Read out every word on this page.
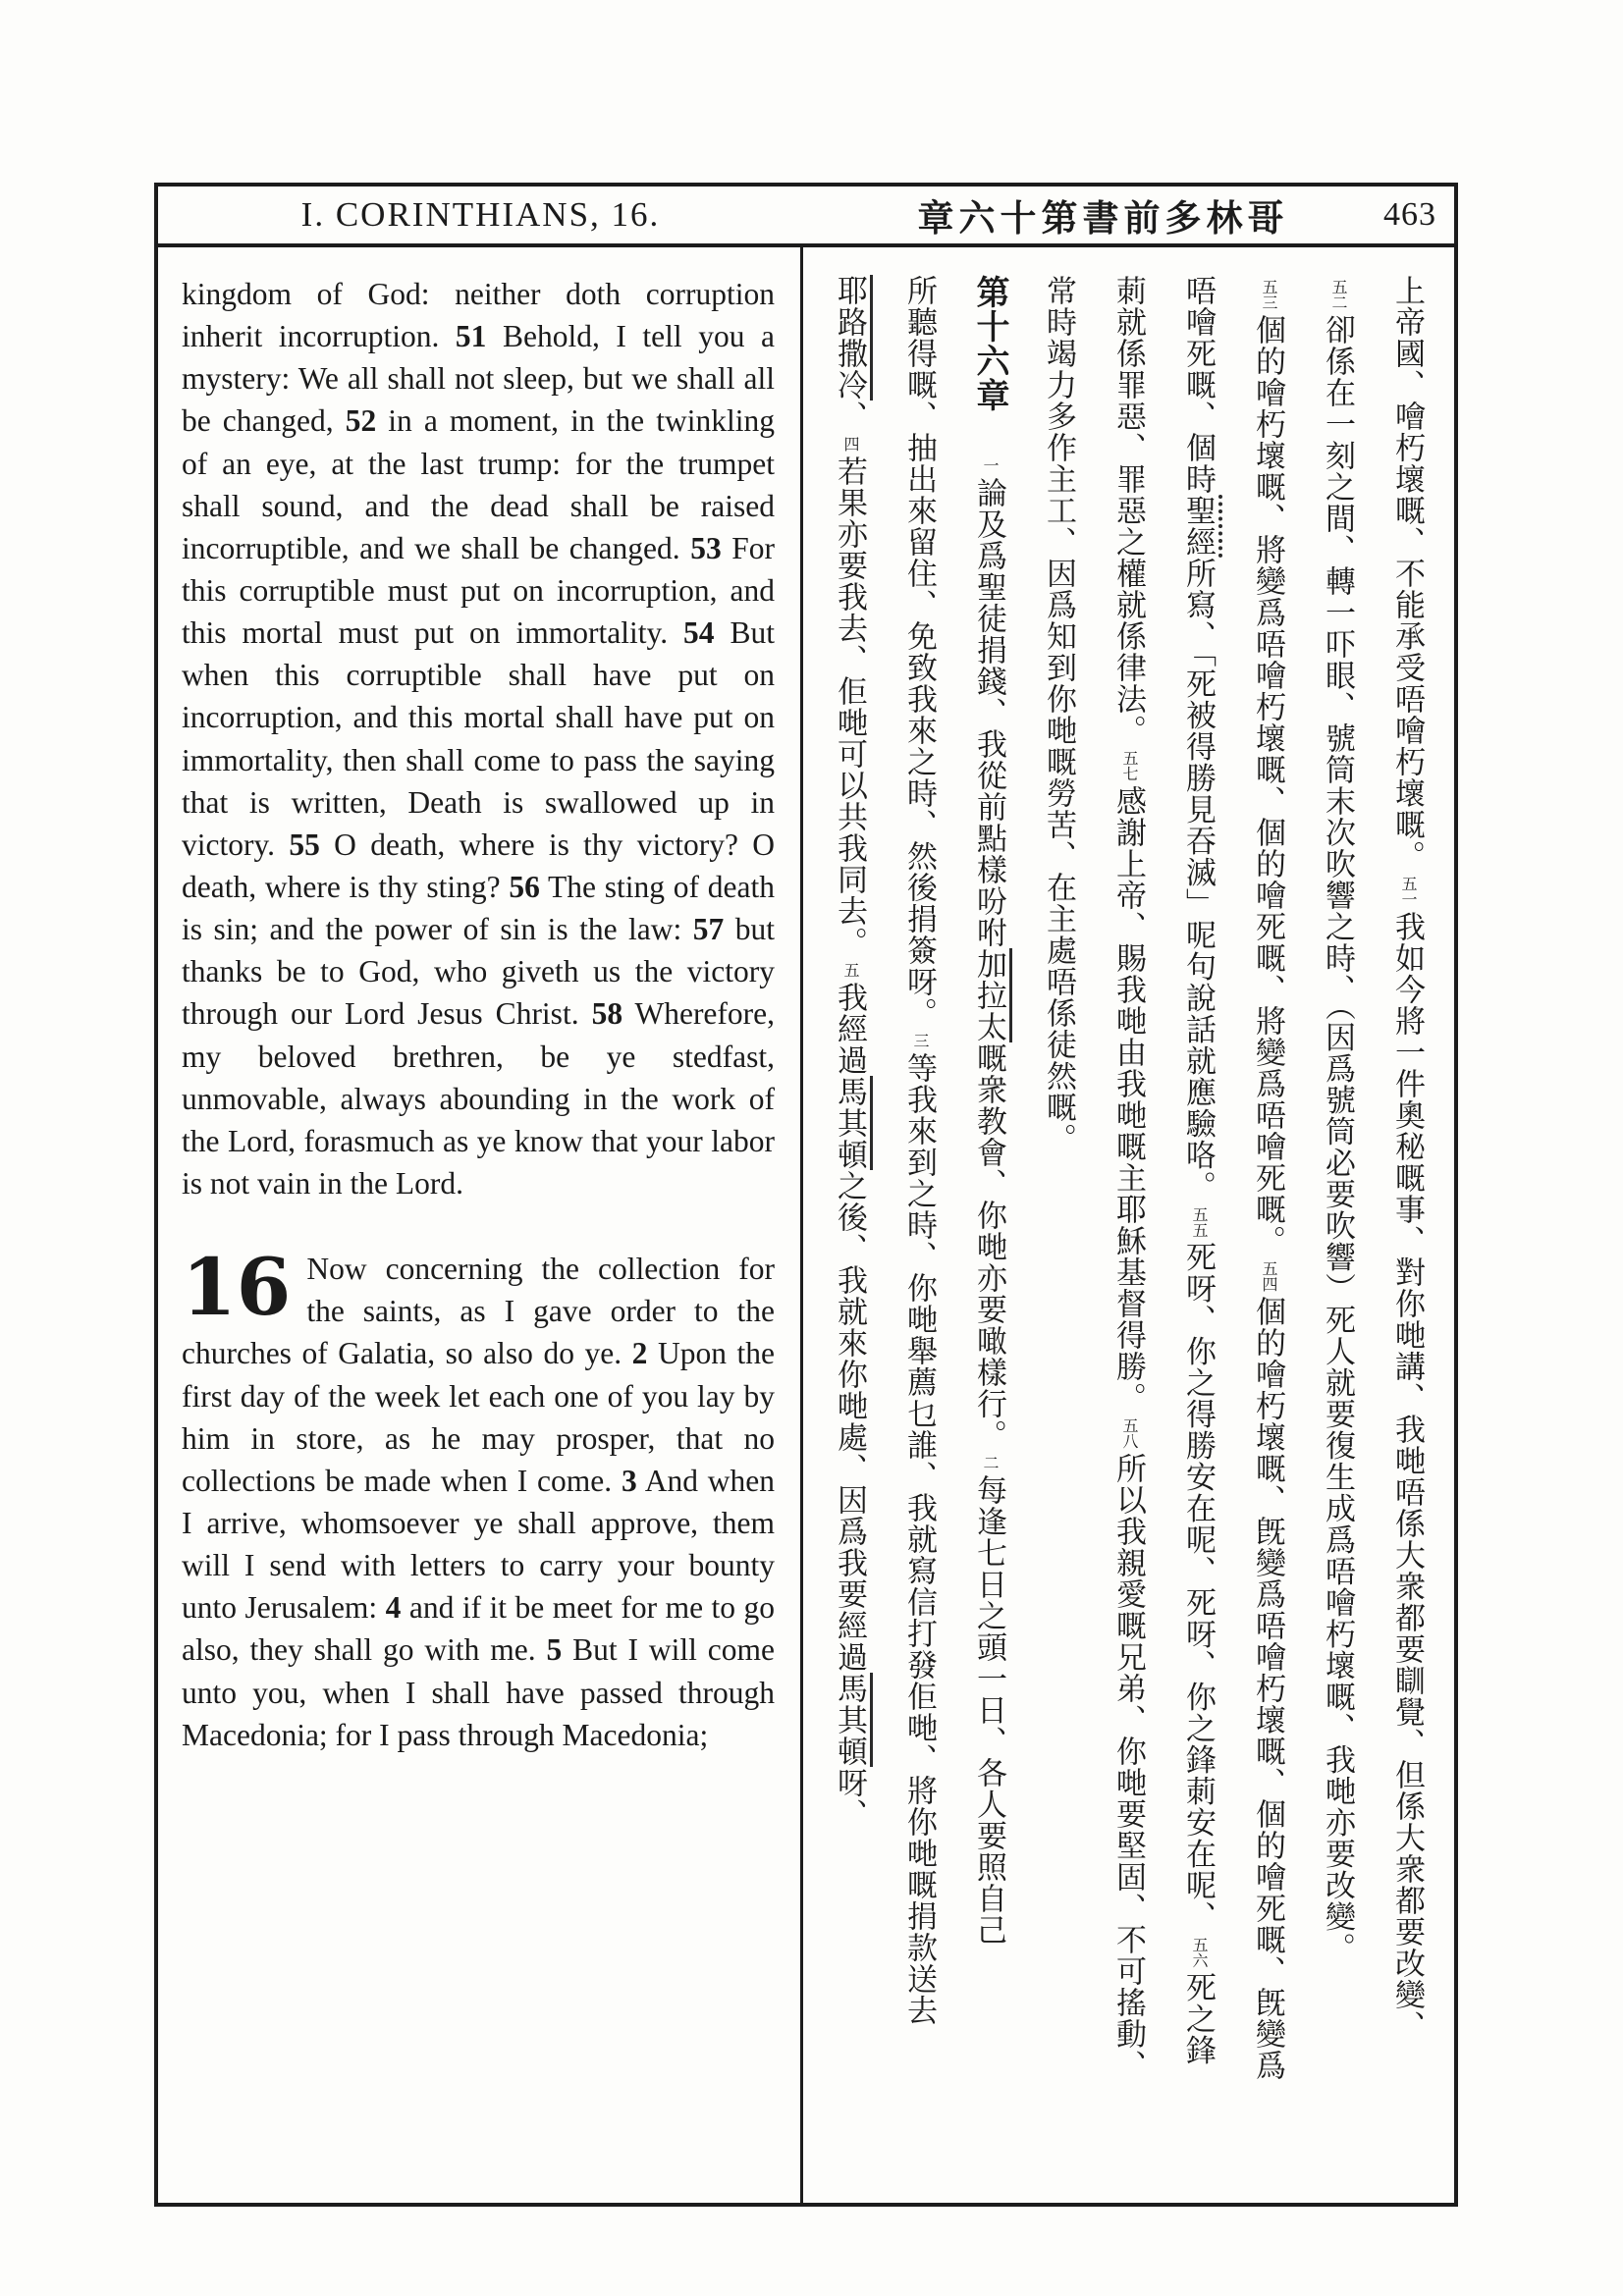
I. CORINTHIANS, 16.	章六十第書前多林哥	463

kingdom of God: neither doth corruption inherit incorruption. 51 Behold, I tell you a mystery: We all shall not sleep, but we shall all be changed, 52 in a moment, in the twinkling of an eye, at the last trump: for the trumpet shall sound, and the dead shall be raised incorruptible, and we shall be changed. 53 For this corruptible must put on incorruption, and this mortal must put on immortality. 54 But when this corruptible shall have put on incorruption, and this mortal shall have put on immortality, then shall come to pass the saying that is written, Death is swallowed up in victory. 55 O death, where is thy victory? O death, where is thy sting? 56 The sting of death is sin; and the power of sin is the law: 57 but thanks be to God, who giveth us the victory through our Lord Jesus Christ. 58 Wherefore, my beloved brethren, be ye stedfast, unmovable, always abounding in the work of the Lord, forasmuch as ye know that your labor is not vain in the Lord.

16 Now concerning the collection for the saints, as I gave order to the churches of Galatia, so also do ye. 2 Upon the first day of the week let each one of you lay by him in store, as he may prosper, that no collections be made when I come. 3 And when I arrive, whomsoever ye shall approve, them will I send with letters to carry your bounty unto Jerusalem: 4 and if it be meet for me to go also, they shall go with me. 5 But I will come unto you, when I shall have passed through Macedonia; for I pass through Macedonia;

上帝國、噲朽壞嘅、不能承受唔噲朽壞嘅。五一我如今將一件奧秘嘅事、對你哋講、我哋唔係大衆都要瞓覺、但係大衆都要改變、
五二卻係在一刻之間、轉一吓眼、號筒末次吹響之時、（因爲號筒必要吹響）死人就要復生成爲唔噲朽壞嘅、我哋亦要改變。
五三個的噲朽壞嘅、將變爲唔噲朽壞嘅、個的噲死嘅、將變爲唔噲死嘅。五四個的噲朽壞嘅、旣變爲唔噲朽壞嘅、個的噲死嘅、旣變爲
唔噲死嘅、個時聖經所寫、「死被得勝見吞滅」呢句說話就應驗咯。五五死呀、你之得勝安在呢、死呀、你之鋒莿安在呢、五六死之鋒
莿就係罪惡、罪惡之權就係律法。五七感謝上帝、賜我哋由我哋嘅主耶穌基督得勝。五八所以我親愛嘅兄弟、你哋要堅固、不可搖動、
常時竭力多作主工、因爲知到你哋嘅勞苦、在主處唔係徒然嘅。
第十六章一論及爲聖徒捐錢、我從前點樣吩咐加拉太嘅衆教會、你哋亦要噉樣行。二每逢七日之頭一日、各人要照自己
所聽得嘅、抽出來留住、免致我來之時、然後捐簽呀。三等我來到之時、你哋舉薦乜誰、我就寫信打發佢哋、將你哋嘅捐款送去
耶路撒冷、四若果亦要我去、佢哋可以共我同去。五我經過馬其頓之後、我就來你哋處、因爲我要經過馬其頓呀、
